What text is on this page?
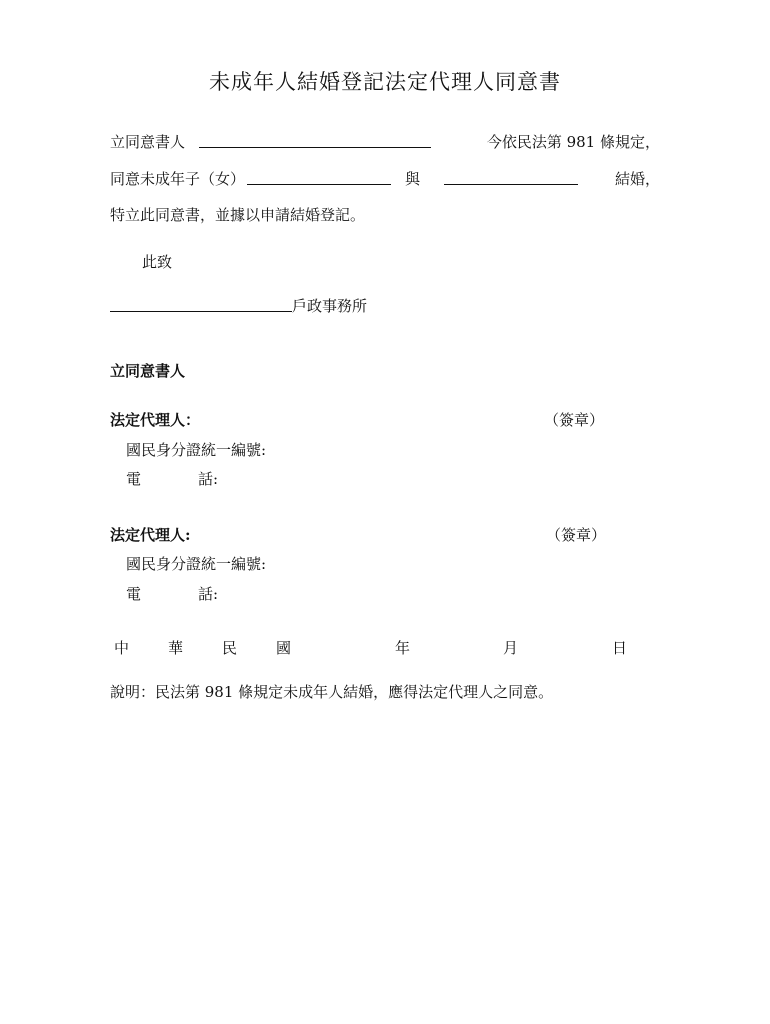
未成年人結婚登記法定代理人同意書
立同意書人	今依民法第 981 條規定，
同意未成年子（女）	與	結婚，
特立此同意書，並據以申請結婚登記。
此致
戶政事務所
立同意書人
法定代理人：	（簽章）
國民身分證統一編號:
電	話:
法定代理人:	（簽章）
國民身分證統一編號:
電	話:
中	華	民	國	年	月	日
說明：民法第 981 條規定未成年人結婚，應得法定代理人之同意。
